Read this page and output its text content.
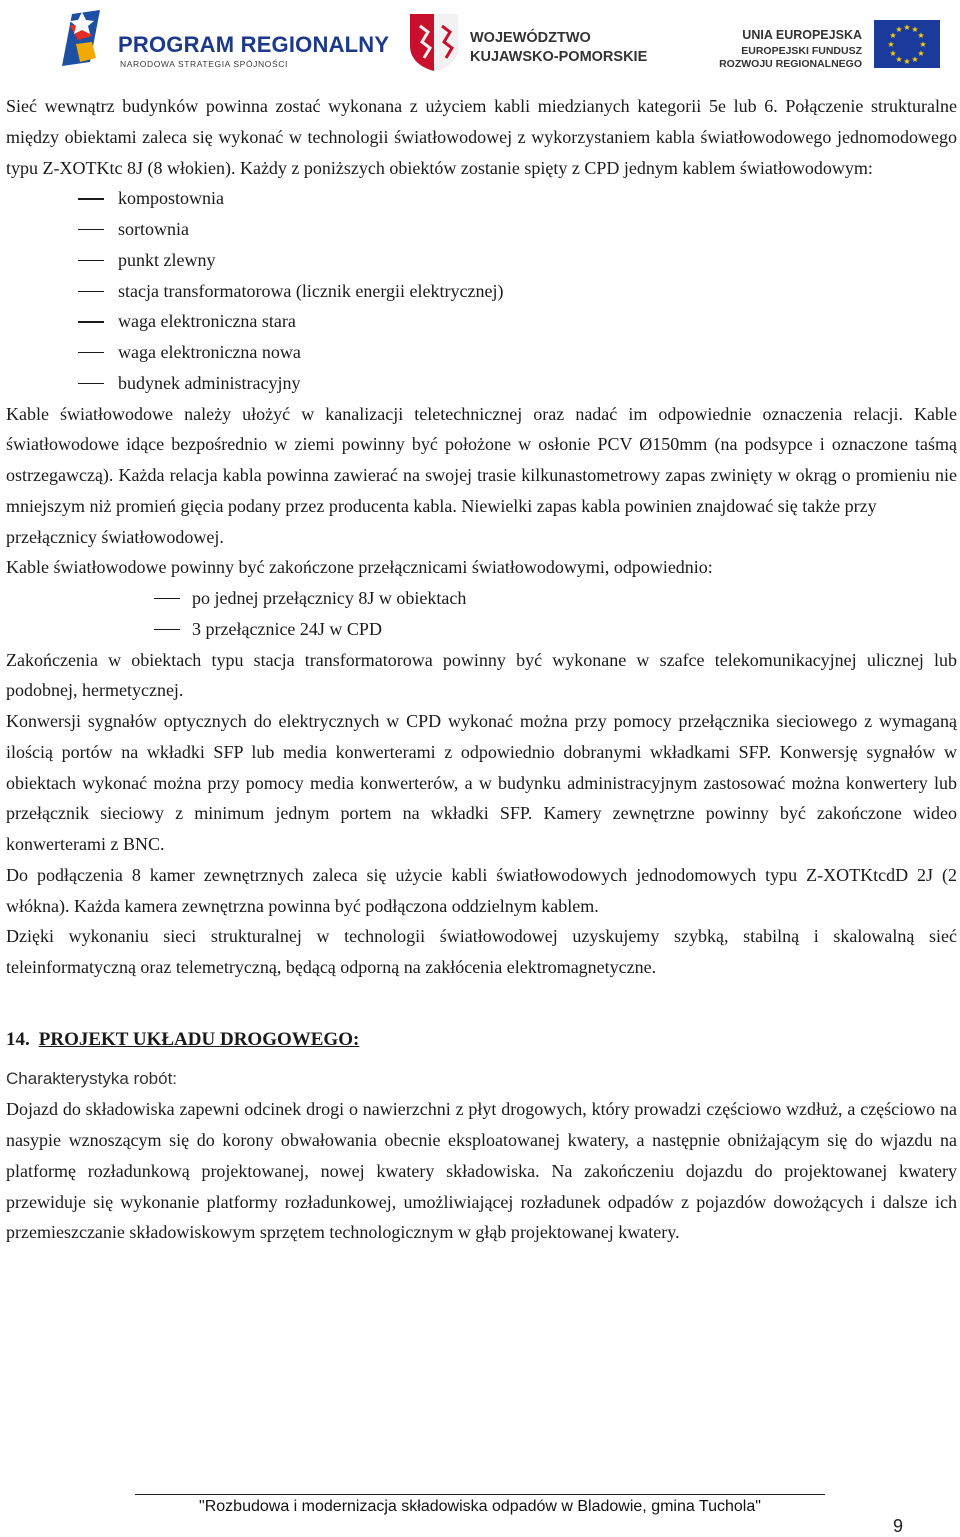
PROGRAM REGIONALNY
NARODOWA STRATEGIA SPÓJNOŚCI
WOJEWÓDZTWO
KUJAWSKO-POMORSKIE
UNIA EUROPEJSKA
EUROPEJSKI FUNDUSZ
ROZWOJU REGIONALNEGO
★ ★
★
★
★
★
★
★
★
★
★
★

Sieć wewnątrz budynków powinna zostać wykonana z użyciem kabli miedzianych kategorii 5e lub 6. Połączenie strukturalne między obiektami zaleca się wykonać w technologii światłowodowej z wykorzystaniem kabla światłowodowego jednomodowego typu Z-XOTKtc 8J (8 włokien). Każdy z poniższych obiektów zostanie spięty z CPD jednym kablem światłowodowym:

kompostownia
sortownia
punkt zlewny
stacja transformatorowa (licznik energii elektrycznej)
waga elektroniczna stara
waga elektroniczna nowa
budynek administracyjny

Kable światłowodowe należy ułożyć w kanalizacji teletechnicznej oraz nadać im odpowiednie oznaczenia relacji. Kable światłowodowe idące bezpośrednio w ziemi powinny być położone w osłonie PCV Ø150mm (na podsypce i oznaczone taśmą ostrzegawczą). Każda relacja kabla powinna zawierać na swojej trasie kilkunastometrowy zapas zwinięty w okrąg o promieniu nie mniejszym niż promień gięcia podany przez producenta kabla. Niewielki zapas kabla powinien znajdować się także przy

przełącznicy światłowodowej.

Kable światłowodowe powinny być zakończone przełącznicami światłowodowymi, odpowiednio:

po jednej przełącznicy 8J w obiektach
3 przełącznice 24J w CPD

Zakończenia w obiektach typu stacja transformatorowa powinny być wykonane w szafce telekomunikacyjnej ulicznej lub podobnej, hermetycznej.

Konwersji sygnałów optycznych do elektrycznych w CPD wykonać można przy pomocy przełącznika sieciowego z wymaganą ilością portów na wkładki SFP lub media konwerterami z odpowiednio dobranymi wkładkami SFP. Konwersję sygnałów w obiektach wykonać można przy pomocy media konwerterów, a w budynku administracyjnym zastosować można konwertery lub przełącznik sieciowy z minimum jednym portem na wkładki SFP. Kamery zewnętrzne powinny być zakończone wideo konwerterami z BNC.

Do podłączenia 8 kamer zewnętrznych zaleca się użycie kabli światłowodowych jednodomowych typu Z-XOTKtcdD 2J (2 włókna). Każda kamera zewnętrzna powinna być podłączona oddzielnym kablem.

Dzięki wykonaniu sieci strukturalnej w technologii światłowodowej uzyskujemy szybką, stabilną i skalowalną sieć teleinformatyczną oraz telemetryczną, będącą odporną na zakłócenia elektromagnetyczne.

14. PROJEKT UKŁADU DROGOWEGO:

Charakterystyka robót:

Dojazd do składowiska zapewni odcinek drogi o nawierzchni z płyt drogowych, który prowadzi częściowo wzdłuż, a częściowo na nasypie wznoszącym się do korony obwałowania obecnie eksploatowanej kwatery, a następnie obniżającym się do wjazdu na platformę rozładunkową projektowanej, nowej kwatery składowiska. Na zakończeniu dojazdu do projektowanej kwatery przewiduje się wykonanie platformy rozładunkowej, umożliwiającej rozładunek odpadów z pojazdów dowożących i dalsze ich przemieszczanie składowiskowym sprzętem technologicznym w głąb projektowanej kwatery.

"Rozbudowa i modernizacja składowiska odpadów w Bladowie, gmina Tuchola"
9
